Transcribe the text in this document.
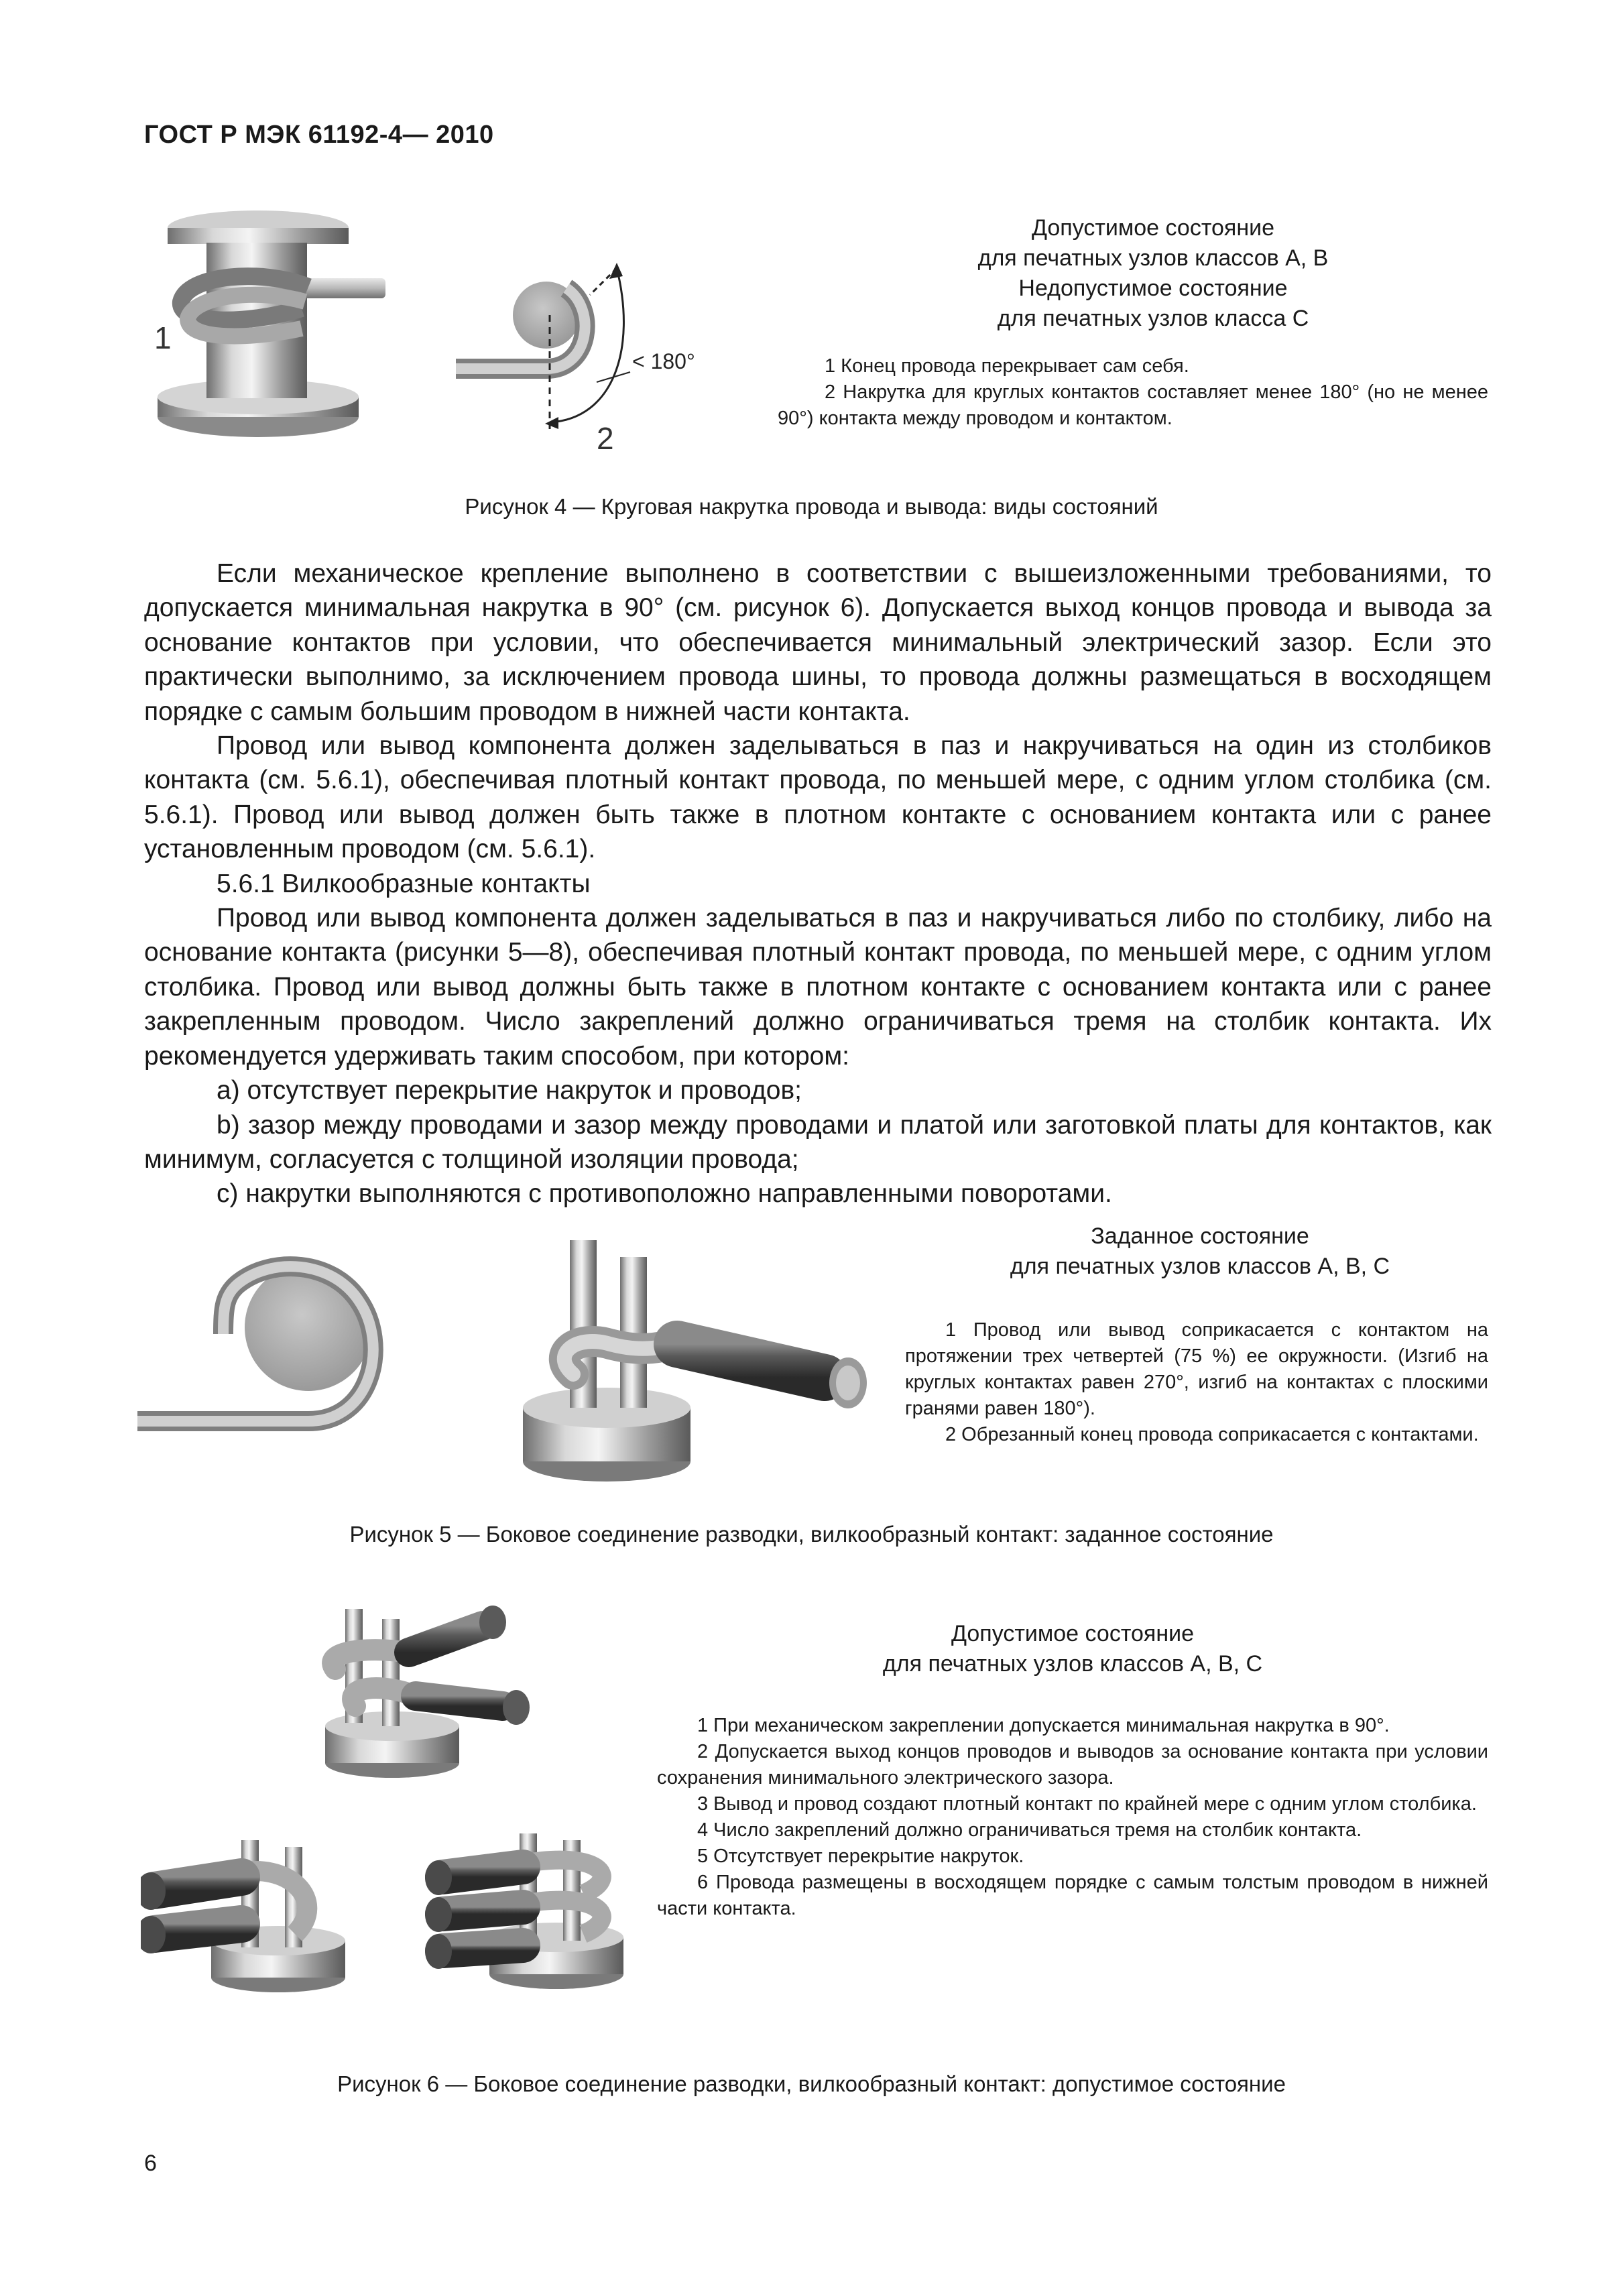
ГОСТ Р МЭК 61192-4— 2010
1
< 180°
2
Допустимое состояние
для печатных узлов классов A, B
Недопустимое состояние
для печатных узлов класса C

1 Конец провода перекрывает сам себя.

2 Накрутка для круглых контактов составляет менее 180° (но не менее 90°) контакта между проводом и контактом.

Рисунок 4 — Круговая накрутка провода и вывода: виды состояний

Если механическое крепление выполнено в соответствии с вышеизложенными требованиями, то допускается минимальная накрутка в 90° (см. рисунок 6). Допускается выход концов провода и вывода за основание контактов при условии, что обеспечивается минимальный электрический зазор. Если это практически выполнимо, за исключением провода шины, то провода должны размещаться в восходящем порядке с самым большим проводом в нижней части контакта.

Провод или вывод компонента должен заделываться в паз и накручиваться на один из столбиков контакта (см. 5.6.1), обеспечивая плотный контакт провода, по меньшей мере, с одним углом столбика (см. 5.6.1). Провод или вывод должен быть также в плотном контакте с основанием контакта или с ранее установленным проводом (см. 5.6.1).

5.6.1 Вилкообразные контакты

Провод или вывод компонента должен заделываться в паз и накручиваться либо по столбику, либо на основание контакта (рисунки 5—8), обеспечивая плотный контакт провода, по меньшей мере, с одним углом столбика. Провод или вывод должны быть также в плотном контакте с основанием контакта или с ранее закрепленным проводом. Число закреплений должно ограничиваться тремя на столбик контакта. Их рекомендуется удерживать таким способом, при котором:

a) отсутствует перекрытие накруток и проводов;

b) зазор между проводами и зазор между проводами и платой или заготовкой платы для контактов, как минимум, согласуется с толщиной изоляции провода;

c) накрутки выполняются с противоположно направленными поворотами.

Заданное состояние
для печатных узлов классов A, B, C

1 Провод или вывод соприкасается с контактом на протяжении трех четвертей (75 %) ее окружности. (Изгиб на круглых контактах равен 270°, изгиб на контактах с плоскими гранями равен 180°).

2 Обрезанный конец провода соприкасается с контактами.

Рисунок 5 — Боковое соединение разводки, вилкообразный контакт: заданное состояние
Допустимое состояние
для печатных узлов классов A, B, C

1 При механическом закреплении допускается минимальная накрутка в 90°.

2 Допускается выход концов проводов и выводов за основание контакта при условии сохранения минимального электрического зазора.

3 Вывод и провод создают плотный контакт по крайней мере с одним углом столбика.

4 Число закреплений должно ограничиваться тремя на столбик контакта.

5 Отсутствует перекрытие накруток.

6 Провода размещены в восходящем порядке с самым толстым проводом в нижней части контакта.

Рисунок 6 — Боковое соединение разводки, вилкообразный контакт: допустимое состояние
6
